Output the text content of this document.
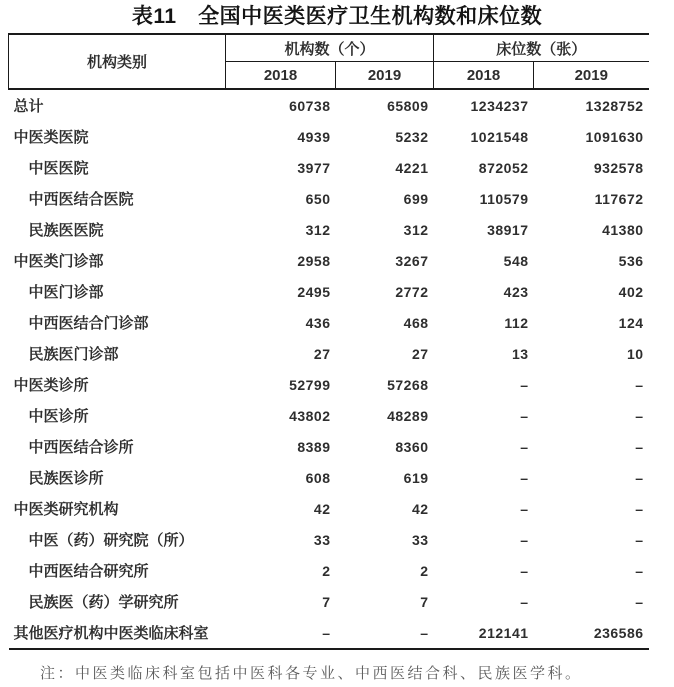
表11　全国中医类医疗卫生机构数和床位数
机构类别	机构数（个）		床位数（张）	
	2018	2019	2018	2019
总计	60738	65809	1234237	1328752
中医类医院	4939	5232	1021548	1091630
中医医院	3977	4221	872052	932578
中西医结合医院	650	699	110579	117672
民族医医院	312	312	38917	41380
中医类门诊部	2958	3267	548	536
中医门诊部	2495	2772	423	402
中西医结合门诊部	436	468	112	124
民族医门诊部	27	27	13	10
中医类诊所	52799	57268	–	–
中医诊所	43802	48289	–	–
中西医结合诊所	8389	8360	–	–
民族医诊所	608	619	–	–
中医类研究机构	42	42	–	–
中医（药）研究院（所）	33	33	–	–
中西医结合研究所	2	2	–	–
民族医（药）学研究所	7	7	–	–
其他医疗机构中医类临床科室	–	–	212141	236586
注：中医类临床科室包括中医科各专业、中西医结合科、民族医学科。
